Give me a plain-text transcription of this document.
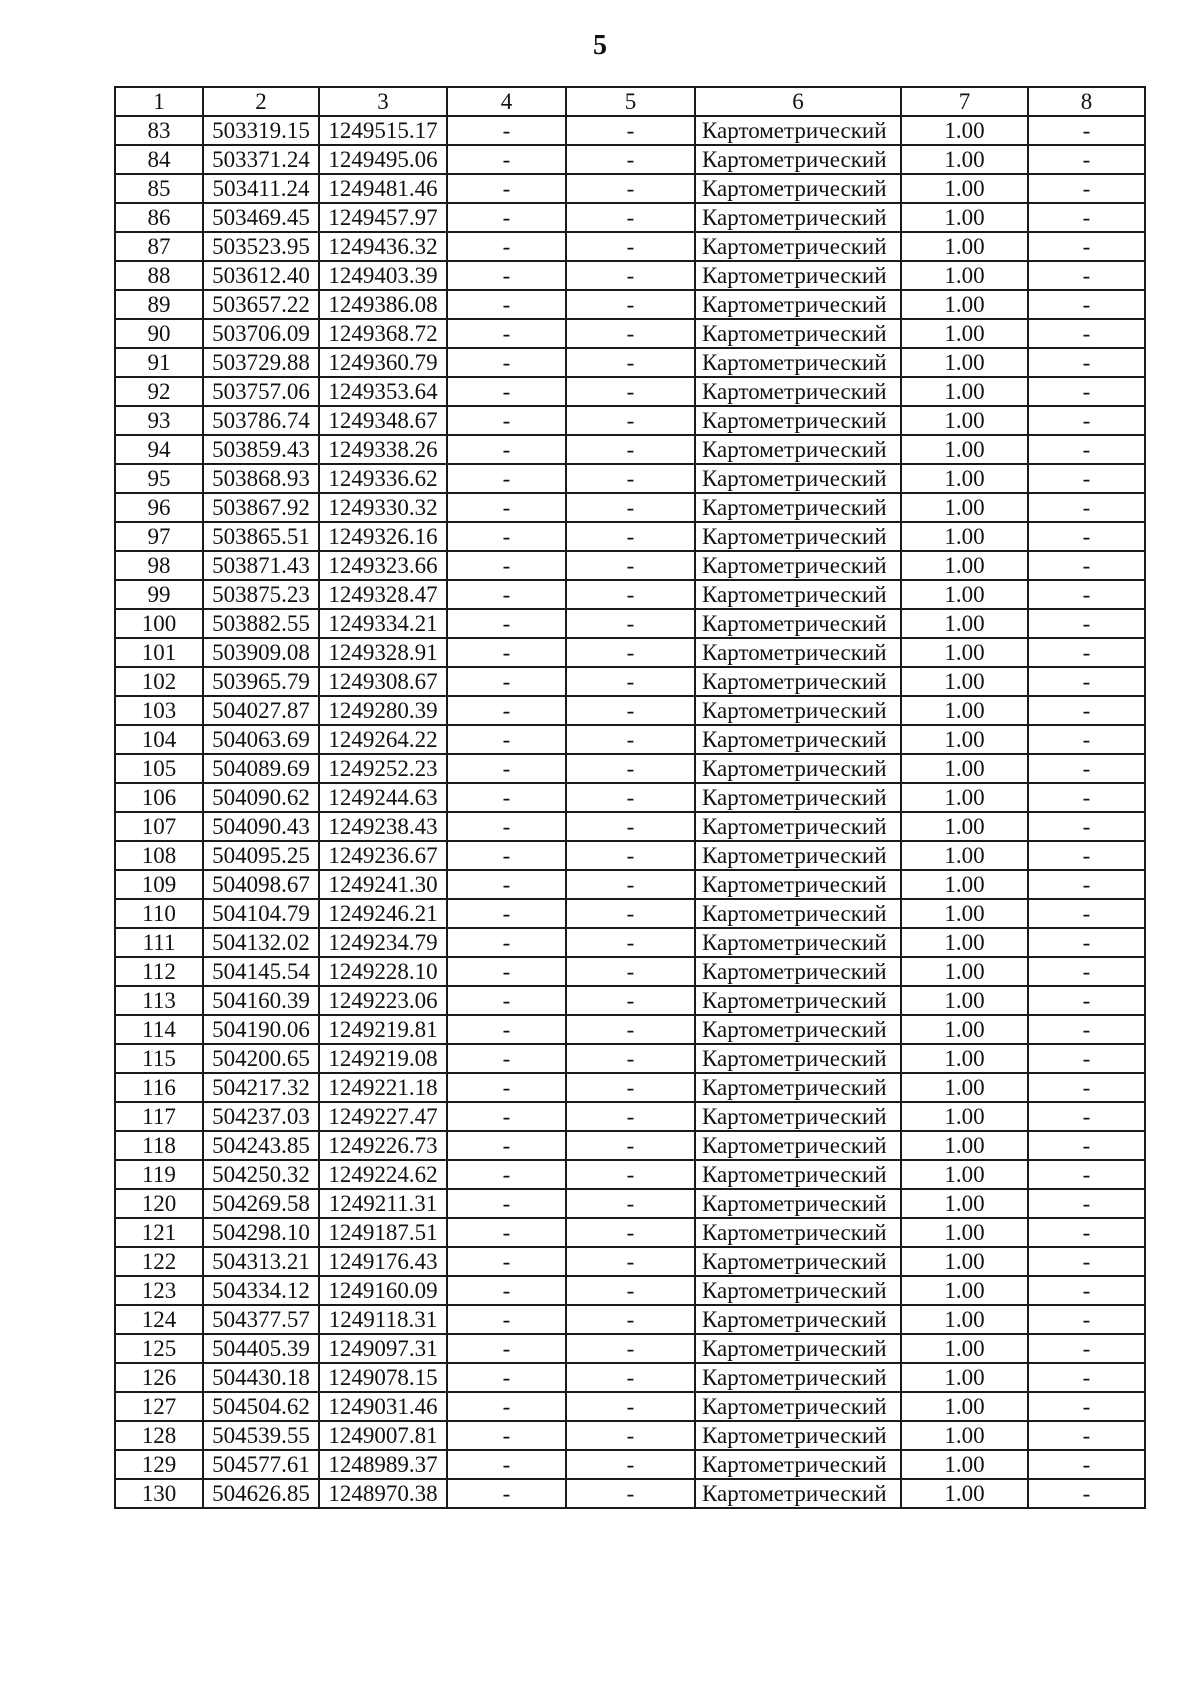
5
1	2	3	4	5	6	7	8
83	503319.15	1249515.17	-	-	Картометрический	1.00	-
84	503371.24	1249495.06	-	-	Картометрический	1.00	-
85	503411.24	1249481.46	-	-	Картометрический	1.00	-
86	503469.45	1249457.97	-	-	Картометрический	1.00	-
87	503523.95	1249436.32	-	-	Картометрический	1.00	-
88	503612.40	1249403.39	-	-	Картометрический	1.00	-
89	503657.22	1249386.08	-	-	Картометрический	1.00	-
90	503706.09	1249368.72	-	-	Картометрический	1.00	-
91	503729.88	1249360.79	-	-	Картометрический	1.00	-
92	503757.06	1249353.64	-	-	Картометрический	1.00	-
93	503786.74	1249348.67	-	-	Картометрический	1.00	-
94	503859.43	1249338.26	-	-	Картометрический	1.00	-
95	503868.93	1249336.62	-	-	Картометрический	1.00	-
96	503867.92	1249330.32	-	-	Картометрический	1.00	-
97	503865.51	1249326.16	-	-	Картометрический	1.00	-
98	503871.43	1249323.66	-	-	Картометрический	1.00	-
99	503875.23	1249328.47	-	-	Картометрический	1.00	-
100	503882.55	1249334.21	-	-	Картометрический	1.00	-
101	503909.08	1249328.91	-	-	Картометрический	1.00	-
102	503965.79	1249308.67	-	-	Картометрический	1.00	-
103	504027.87	1249280.39	-	-	Картометрический	1.00	-
104	504063.69	1249264.22	-	-	Картометрический	1.00	-
105	504089.69	1249252.23	-	-	Картометрический	1.00	-
106	504090.62	1249244.63	-	-	Картометрический	1.00	-
107	504090.43	1249238.43	-	-	Картометрический	1.00	-
108	504095.25	1249236.67	-	-	Картометрический	1.00	-
109	504098.67	1249241.30	-	-	Картометрический	1.00	-
110	504104.79	1249246.21	-	-	Картометрический	1.00	-
111	504132.02	1249234.79	-	-	Картометрический	1.00	-
112	504145.54	1249228.10	-	-	Картометрический	1.00	-
113	504160.39	1249223.06	-	-	Картометрический	1.00	-
114	504190.06	1249219.81	-	-	Картометрический	1.00	-
115	504200.65	1249219.08	-	-	Картометрический	1.00	-
116	504217.32	1249221.18	-	-	Картометрический	1.00	-
117	504237.03	1249227.47	-	-	Картометрический	1.00	-
118	504243.85	1249226.73	-	-	Картометрический	1.00	-
119	504250.32	1249224.62	-	-	Картометрический	1.00	-
120	504269.58	1249211.31	-	-	Картометрический	1.00	-
121	504298.10	1249187.51	-	-	Картометрический	1.00	-
122	504313.21	1249176.43	-	-	Картометрический	1.00	-
123	504334.12	1249160.09	-	-	Картометрический	1.00	-
124	504377.57	1249118.31	-	-	Картометрический	1.00	-
125	504405.39	1249097.31	-	-	Картометрический	1.00	-
126	504430.18	1249078.15	-	-	Картометрический	1.00	-
127	504504.62	1249031.46	-	-	Картометрический	1.00	-
128	504539.55	1249007.81	-	-	Картометрический	1.00	-
129	504577.61	1248989.37	-	-	Картометрический	1.00	-
130	504626.85	1248970.38	-	-	Картометрический	1.00	-
